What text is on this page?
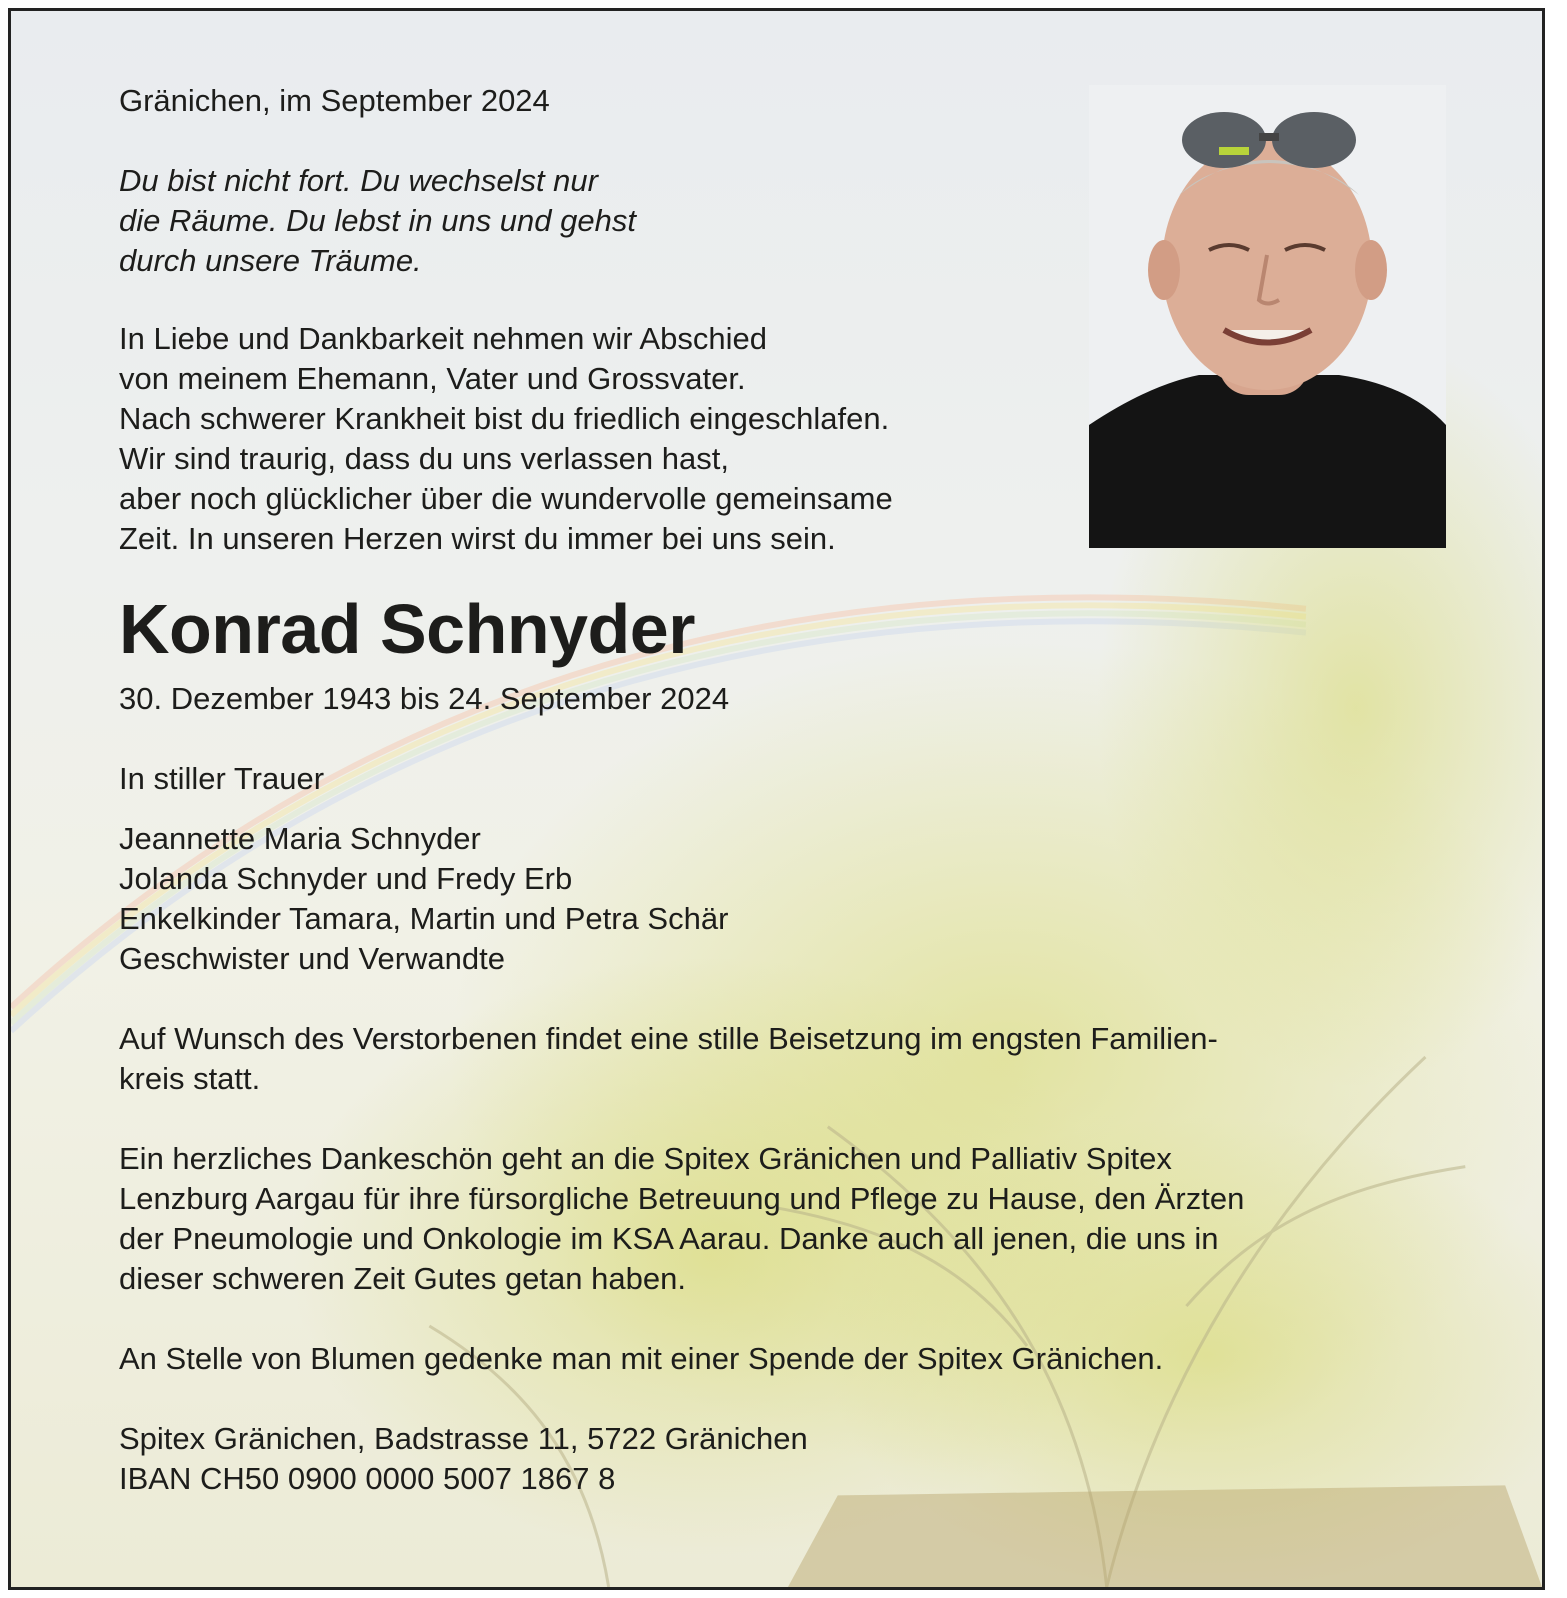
Gränichen, im September 2024
Du bist nicht fort. Du wechselst nur
die Räume. Du lebst in uns und gehst
durch unsere Träume.
In Liebe und Dankbarkeit nehmen wir Abschied
von meinem Ehemann, Vater und Grossvater.
Nach schwerer Krankheit bist du friedlich eingeschlafen.
Wir sind traurig, dass du uns verlassen hast,
aber noch glücklicher über die wundervolle gemeinsame
Zeit. In unseren Herzen wirst du immer bei uns sein.
Konrad Schnyder
30. Dezember 1943 bis 24. September 2024
In stiller Trauer
Jeannette Maria Schnyder
Jolanda Schnyder und Fredy Erb
Enkelkinder Tamara, Martin und Petra Schär
Geschwister und Verwandte
Auf Wunsch des Verstorbenen findet eine stille Beisetzung im engsten Familien-
kreis statt.
Ein herzliches Dankeschön geht an die Spitex Gränichen und Palliativ Spitex
Lenzburg Aargau für ihre fürsorgliche Betreuung und Pflege zu Hause, den Ärzten
der Pneumologie und Onkologie im KSA Aarau. Danke auch all jenen, die uns in
dieser schweren Zeit Gutes getan haben.
An Stelle von Blumen gedenke man mit einer Spende der Spitex Gränichen.
Spitex Gränichen, Badstrasse 11, 5722 Gränichen
IBAN CH50 0900 0000 5007 1867 8
